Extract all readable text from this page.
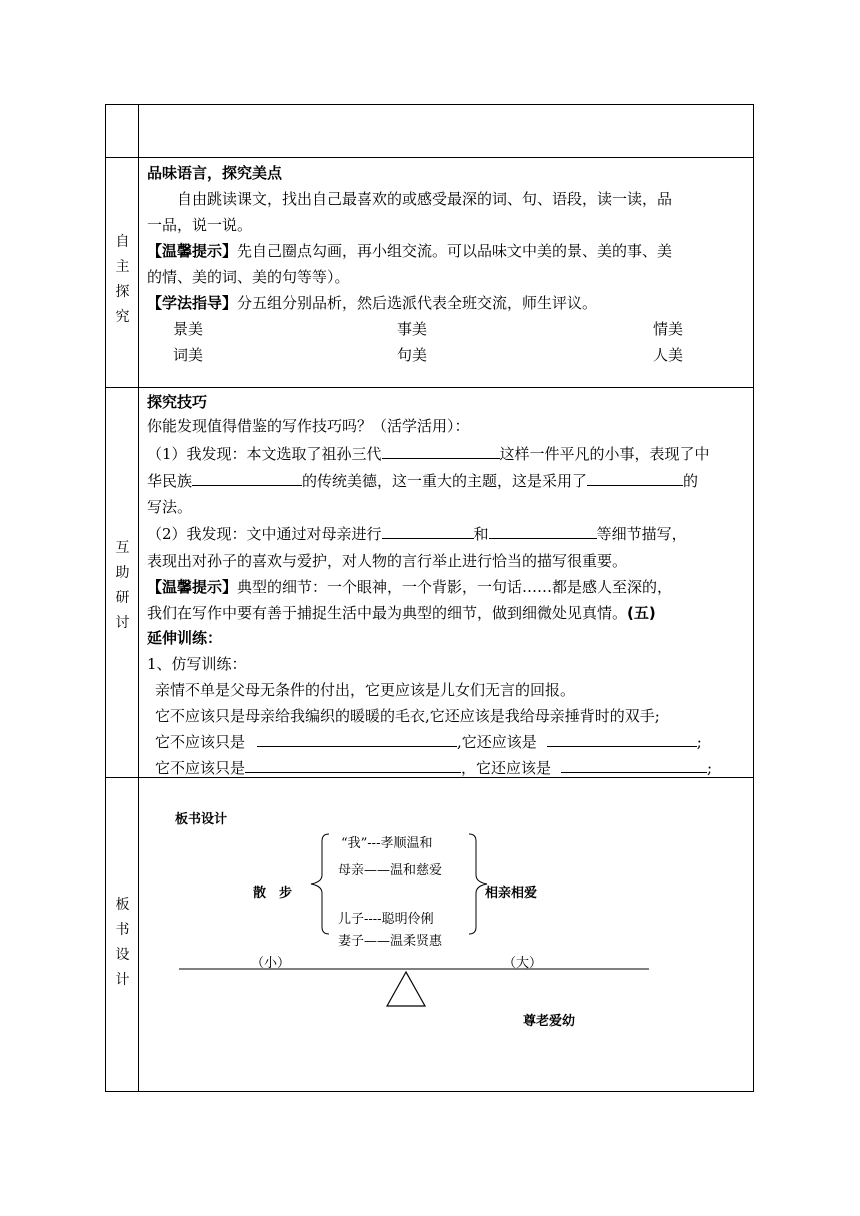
自
主
探
究
品味语言，探究美点
自由跳读课文，找出自己最喜欢的或感受最深的词、句、语段，读一读，品
一品，说一说。
【温馨提示】先自己圈点勾画，再小组交流。可以品味文中美的景、美的事、美
的情、美的词、美的句等等）。
【学法指导】分五组分别品析，然后选派代表全班交流，师生评议。
景美	事美	情美
词美	句美	人美
互
助
研
讨
探究技巧
你能发现值得借鉴的写作技巧吗？（活学活用）：
（1）我发现：本文选取了祖孙三代	这样一件平凡的小事，表现了中
华民族	的传统美德，这一重大的主题，这是采用了	的
写法。
（2）我发现：文中通过对母亲进行	和	等细节描写，
表现出对孙子的喜欢与爱护，对人物的言行举止进行恰当的描写很重要。
【温馨提示】典型的细节：一个眼神，一个背影，一句话……都是感人至深的，
我们在写作中要有善于捕捉生活中最为典型的细节，做到细微处见真情。(五)
延伸训练：
1、仿写训练：
亲情不单是父母无条件的付出，它更应该是儿女们无言的回报。
它不应该只是母亲给我编织的暖暖的毛衣,它还应该是我给母亲捶背时的双手;
它不应该只是	,它还应该是	;
它不应该只是	，它还应该是	;
板
书
设
计
板书设计
“我”---孝顺温和
母亲——温和慈爱
散　步	相亲相爱
儿子----聪明伶俐
妻子——温柔贤惠
（小）	（大）
尊老爱幼
